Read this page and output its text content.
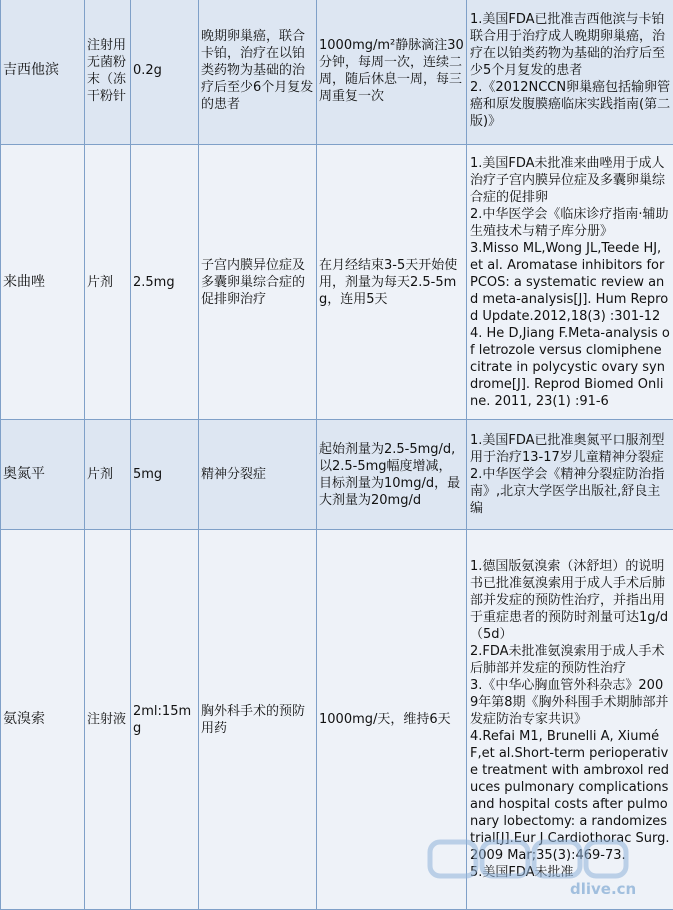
吉西他滨	注射用无菌粉末（冻干粉针	0.2g	晚期卵巢癌，联合卡铂，治疗在以铂类药物为基础的治疗后至少6个月复发的患者	1000mg/m²静脉滴注30分钟，每周一次，连续二周，随后休息一周，每三周重复一次	1.美国FDA已批准吉西他滨与卡铂联合用于治疗成人晚期卵巢癌，治疗在以铂类药物为基础的治疗后至少5个月复发的患者
2.《2012NCCN卵巢癌包括输卵管癌和原发腹膜癌临床实践指南(第二版)》

来曲唑	片剂	2.5mg	子宫内膜异位症及多囊卵巢综合症的促排卵治疗	在月经结束3-5天开始使用，剂量为每天2.5-5mg，连用5天	1.美国FDA未批准来曲唑用于成人治疗子宫内膜异位症及多囊卵巢综合症的促排卵
2.中华医学会《临床诊疗指南·辅助生殖技术与精子库分册》
3.Misso ML,Wong JL,Teede HJ, et al. Aromatase inhibitors for PCOS: a systematic review and meta-analysis[J]. Hum Reprod Update.2012,18(3) :301-12
4. He D,Jiang F.Meta-analysis of letrozole versus clomiphene citrate in polycystic ovary syndrome[J]. Reprod Biomed Online. 2011, 23(1) :91-6

奥氮平	片剂	5mg	精神分裂症	起始剂量为2.5-5mg/d,以2.5-5mg幅度增减，目标剂量为10mg/d，最大剂量为20mg/d	1.美国FDA已批准奥氮平口服剂型用于治疗13-17岁儿童精神分裂症
2.中华医学会《精神分裂症防治指南》,北京大学医学出版社,舒良主编

氨溴索	注射液	2ml:15mg	胸外科手术的预防用药	1000mg/天，维持6天	1.德国版氨溴索（沐舒坦）的说明书已批准氨溴索用于成人手术后肺部并发症的预防性治疗，并指出用于重症患者的预防时剂量可达1g/d（5d）
2.FDA未批准氨溴索用于成人手术后肺部并发症的预防性治疗
3.《中华心胸血管外科杂志》2009年第8期《胸外科围手术期肺部并发症防治专家共识》
4.Refai M1, Brunelli A, Xiumé F,et al.Short-term perioperative treatment with ambroxol reduces pulmonary complications and hospital costs after pulmonary lobectomy: a randomizes trial[J].Eur J Cardiothorac Surg. 2009 Mar;35(3):469-73.
5.美国FDA未批准
dlive.cn
